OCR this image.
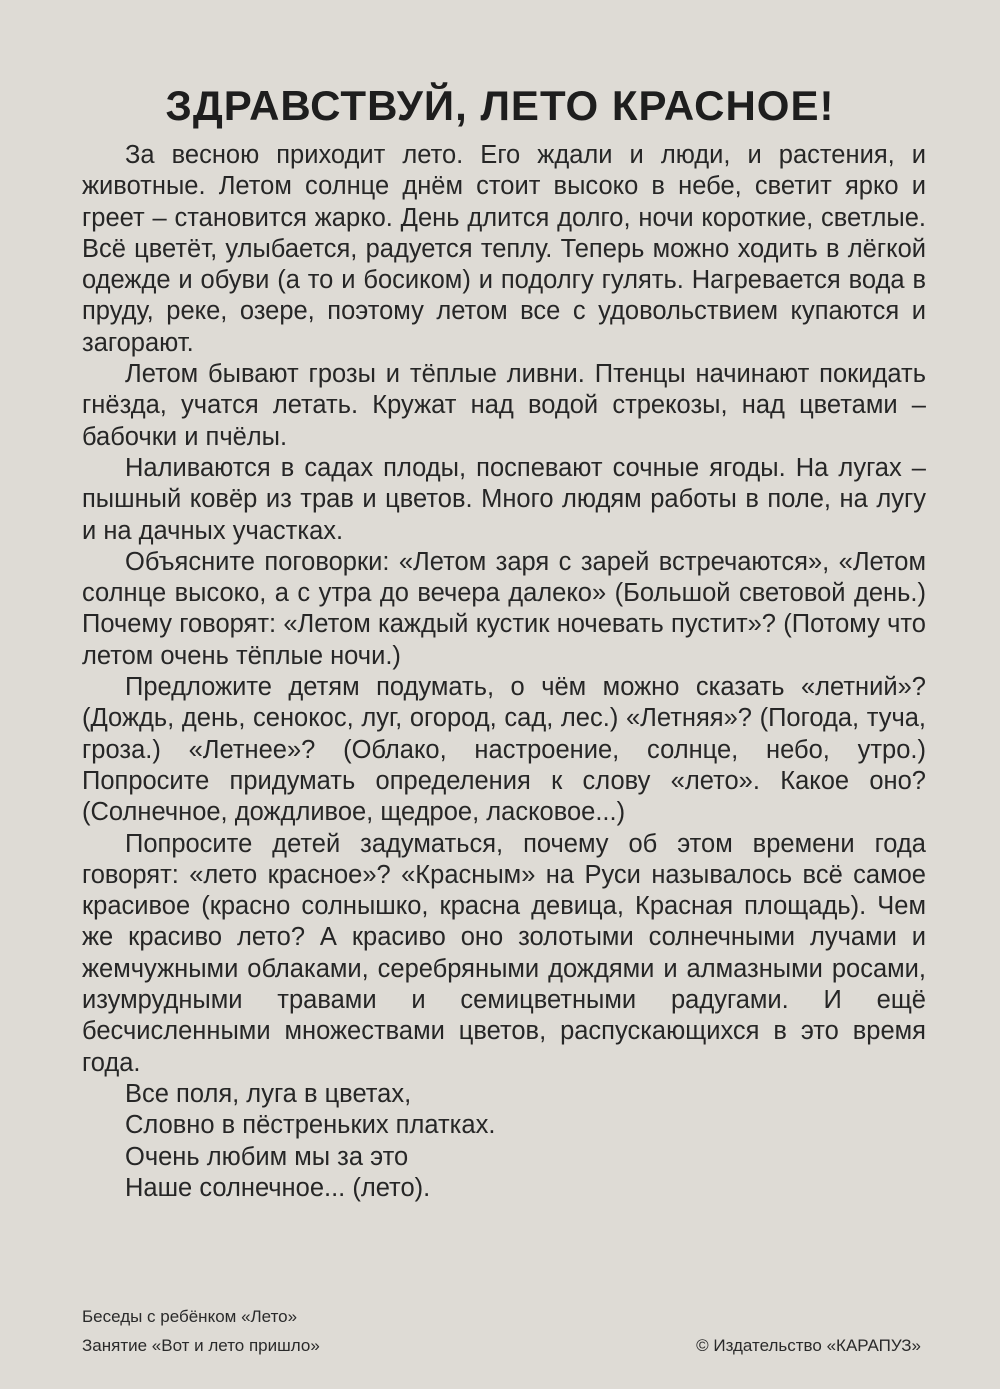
ЗДРАВСТВУЙ, ЛЕТО КРАСНОЕ!

За весною приходит лето. Его ждали и люди, и растения, и животные. Летом солнце днём стоит высоко в небе, светит ярко и греет – становится жарко. День длится долго, ночи короткие, светлые. Всё цветёт, улыбается, радуется теплу. Теперь можно ходить в лёгкой одежде и обуви (а то и босиком) и подолгу гулять. Нагревается вода в пруду, реке, озере, поэтому летом все с удовольствием купаются и загорают.

Летом бывают грозы и тёплые ливни. Птенцы начинают покидать гнёзда, учатся летать. Кружат над водой стрекозы, над цветами – бабочки и пчёлы.

Наливаются в садах плоды, поспевают сочные ягоды. На лугах – пышный ковёр из трав и цветов. Много людям работы в поле, на лугу и на дачных участках.

Объясните поговорки: «Летом заря с зарей встречаются», «Летом солнце высоко, а с утра до вечера далеко» (Большой световой день.) Почему говорят: «Летом каждый кустик ночевать пустит»? (Потому что летом очень тёплые ночи.)

Предложите детям подумать, о чём можно сказать «летний»? (Дождь, день, сенокос, луг, огород, сад, лес.) «Летняя»? (Погода, туча, гроза.) «Летнее»? (Облако, настроение, солнце, небо, утро.) Попросите придумать определения к слову «лето». Какое оно? (Солнечное, дождливое, щедрое, ласковое...)

Попросите детей задуматься, почему об этом времени года говорят: «лето красное»? «Красным» на Руси называлось всё самое красивое (красно солнышко, красна девица, Красная площадь). Чем же красиво лето? А красиво оно золотыми солнечными лучами и жемчужными облаками, серебряными дождями и алмазными росами, изумрудными травами и семицветными радугами. И ещё бесчисленными множествами цветов, распускающихся в это время года.

Все поля, луга в цветах,
Словно в пёстреньких платках.
Очень любим мы за это
Наше солнечное... (лето).
Беседы с ребёнком «Лето»
Занятие «Вот и лето пришло»	© Издательство «КАРАПУЗ»
